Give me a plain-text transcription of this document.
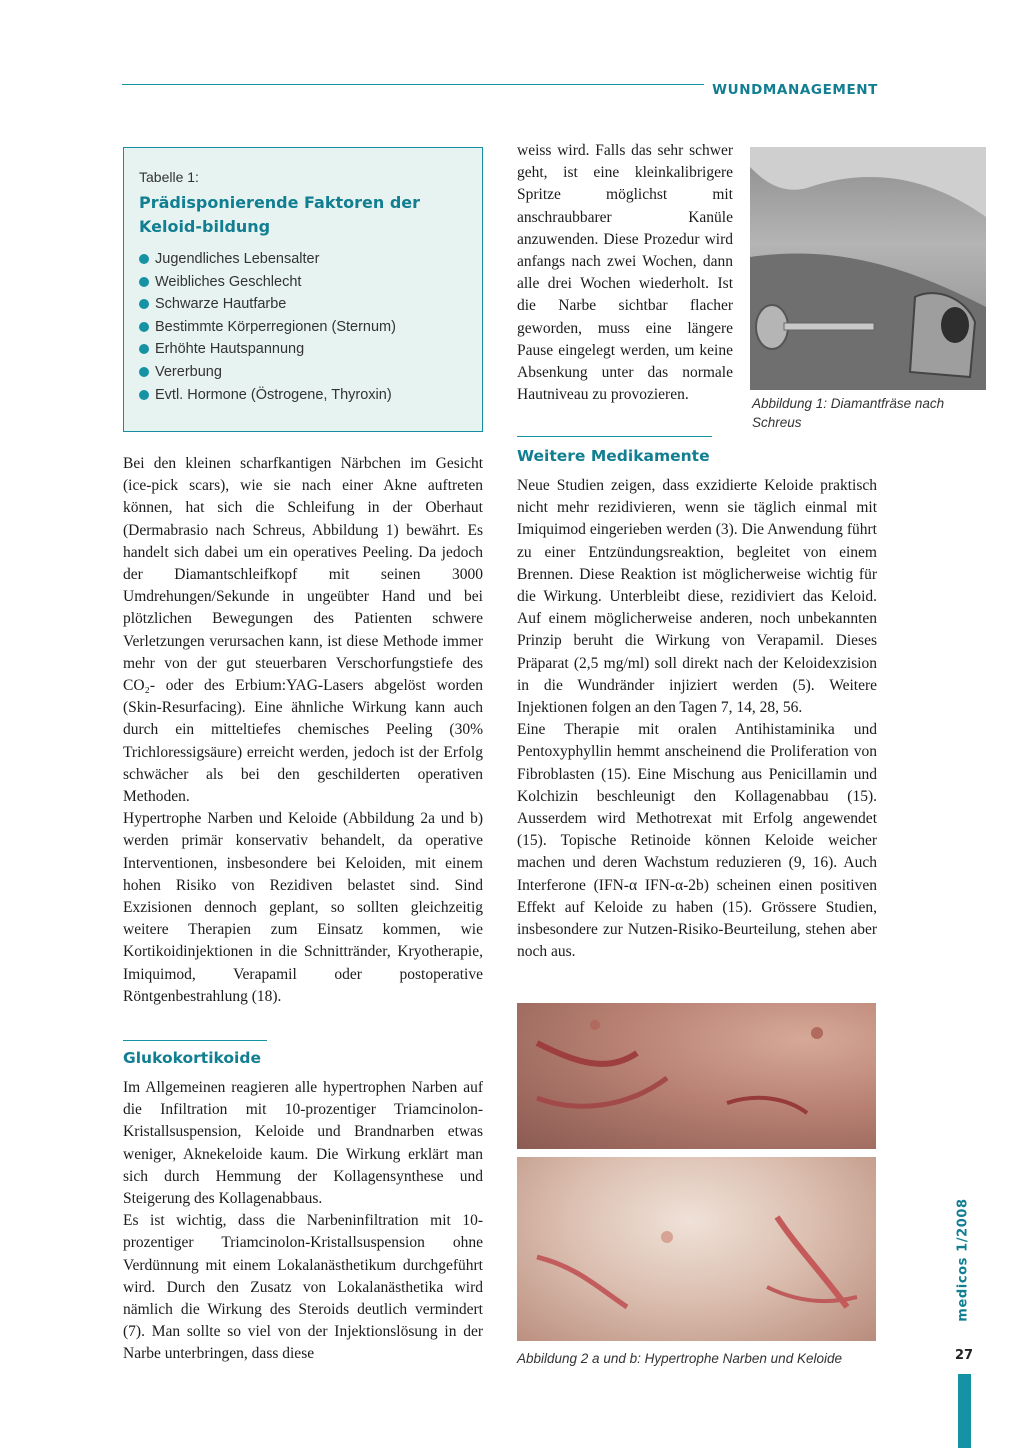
WUNDMANAGEMENT
Tabelle 1:
Prädisponierende Faktoren der Keloid-bildung
Jugendliches Lebensalter
Weibliches Geschlecht
Schwarze Hautfarbe
Bestimmte Körperregionen (Sternum)
Erhöhte Hautspannung
Vererbung
Evtl. Hormone (Östrogene, Thyroxin)

Bei den kleinen scharfkantigen Närbchen im Gesicht (ice-pick scars), wie sie nach einer Akne auftreten können, hat sich die Schleifung in der Oberhaut (Dermabrasio nach Schreus, Abbildung 1) bewährt. Es handelt sich dabei um ein operatives Peeling. Da jedoch der Diamantschleifkopf mit seinen 3000 Umdrehungen/Sekunde in ungeübter Hand und bei plötzlichen Bewegungen des Patienten schwere Verletzungen verursachen kann, ist diese Methode immer mehr von der gut steuerbaren Verschorfungstiefe des CO₂- oder des Erbium:YAG-Lasers abgelöst worden (Skin-Resurfacing). Eine ähnliche Wirkung kann auch durch ein mitteltiefes chemisches Peeling (30% Trichloressigsäure) erreicht werden, jedoch ist der Erfolg schwächer als bei den geschilderten operativen Methoden.

Hypertrophe Narben und Keloide (Abbildung 2a und b) werden primär konservativ behandelt, da operative Interventionen, insbesondere bei Keloiden, mit einem hohen Risiko von Rezidiven belastet sind. Sind Exzisionen dennoch geplant, so sollten gleichzeitig weitere Therapien zum Einsatz kommen, wie Kortikoidinjektionen in die Schnittränder, Kryotherapie, Imiquimod, Verapamil oder postoperative Röntgenbestrahlung (18).

Glukokortikoide

Im Allgemeinen reagieren alle hypertrophen Narben auf die Infiltration mit 10-prozentiger Triamcinolon-Kristallsuspension, Keloide und Brandnarben etwas weniger, Aknekeloide kaum. Die Wirkung erklärt man sich durch Hemmung der Kollagensynthese und Steigerung des Kollagenabbaus.

Es ist wichtig, dass die Narbeninfiltration mit 10-prozentiger Triamcinolon-Kristallsuspension ohne Verdünnung mit einem Lokalanästhetikum durchgeführt wird. Durch den Zusatz von Lokalanästhetika wird nämlich die Wirkung des Steroids deutlich vermindert (7). Man sollte so viel von der Injektionslösung in der Narbe unterbringen, dass diese

weiss wird. Falls das sehr schwer geht, ist eine kleinkalibrigere Spritze möglichst mit anschraubbarer Kanüle anzuwenden. Diese Prozedur wird anfangs nach zwei Wochen, dann alle drei Wochen wiederholt. Ist die Narbe sichtbar flacher geworden, muss eine längere Pause eingelegt werden, um keine Absenkung unter das normale Hautniveau zu provozieren.

Abbildung 1: Diamantfräse nach Schreus
Weitere Medikamente

Neue Studien zeigen, dass exzidierte Keloide praktisch nicht mehr rezidivieren, wenn sie täglich einmal mit Imiquimod eingerieben werden (3). Die Anwendung führt zu einer Entzündungsreaktion, begleitet von einem Brennen. Diese Reaktion ist möglicherweise wichtig für die Wirkung. Unterbleibt diese, rezidiviert das Keloid. Auf einem möglicherweise anderen, noch unbekannten Prinzip beruht die Wirkung von Verapamil. Dieses Präparat (2,5 mg/ml) soll direkt nach der Keloidexzision in die Wundränder injiziert werden (5). Weitere Injektionen folgen an den Tagen 7, 14, 28, 56.

Eine Therapie mit oralen Antihistaminika und Pentoxyphyllin hemmt anscheinend die Proliferation von Fibroblasten (15). Eine Mischung aus Penicillamin und Kolchizin beschleunigt den Kollagenabbau (15). Ausserdem wird Methotrexat mit Erfolg angewendet (15). Topische Retinoide können Keloide weicher machen und deren Wachstum reduzieren (9, 16). Auch Interferone (IFN-α IFN-α-2b) scheinen einen positiven Effekt auf Keloide zu haben (15). Grössere Studien, insbesondere zur Nutzen-Risiko-Beurteilung, stehen aber noch aus.

Abbildung 2 a und b: Hypertrophe Narben und Keloide
medicos 1/2008
27
